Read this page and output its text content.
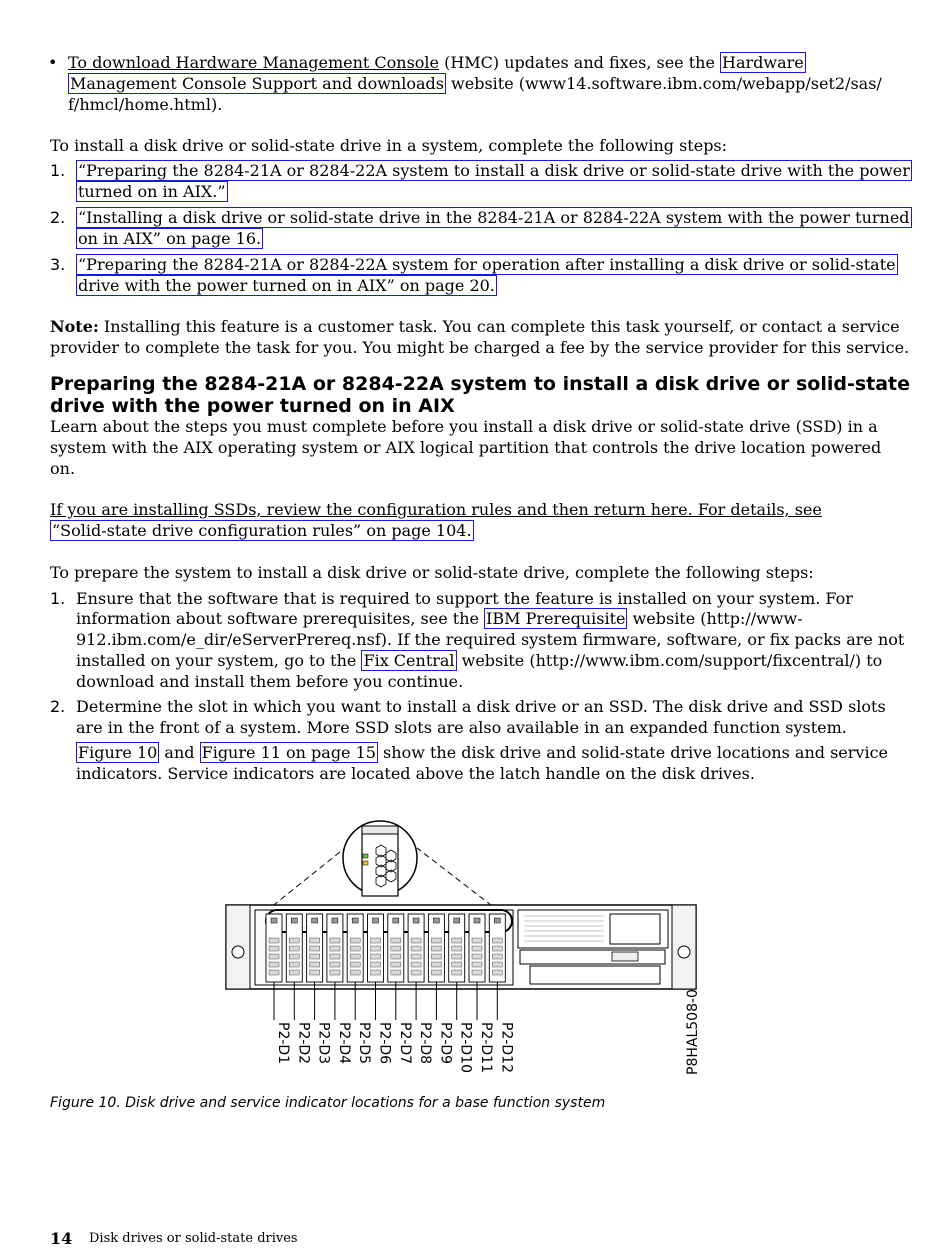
• To download Hardware Management Console (HMC) updates and fixes, see the Hardware
Management Console Support and downloads website (www14.software.ibm.com/webapp/set2/sas/
f/hmcl/home.html).
To install a disk drive or solid-state drive in a system, complete the following steps:
1. “Preparing the 8284-21A or 8284-22A system to install a disk drive or solid-state drive with the power
turned on in AIX.”
2. “Installing a disk drive or solid-state drive in the 8284-21A or 8284-22A system with the power turned
on in AIX” on page 16.
3. “Preparing the 8284-21A or 8284-22A system for operation after installing a disk drive or solid-state
drive with the power turned on in AIX” on page 20.
Note: Installing this feature is a customer task. You can complete this task yourself, or contact a service
provider to complete the task for you. You might be charged a fee by the service provider for this service.
Preparing the 8284-21A or 8284-22A system to install a disk drive or solid-state
drive with the power turned on in AIX
Learn about the steps you must complete before you install a disk drive or solid-state drive (SSD) in a
system with the AIX operating system or AIX logical partition that controls the drive location powered
on.
If you are installing SSDs, review the configuration rules and then return here. For details, see
“Solid-state drive configuration rules” on page 104.
To prepare the system to install a disk drive or solid-state drive, complete the following steps:
1. Ensure that the software that is required to support the feature is installed on your system. For
information about software prerequisites, see the IBM Prerequisite website (http://www-
912.ibm.com/e_dir/eServerPrereq.nsf). If the required system firmware, software, or fix packs are not
installed on your system, go to the Fix Central website (http://www.ibm.com/support/fixcentral/) to
download and install them before you continue.
2. Determine the slot in which you want to install a disk drive or an SSD. The disk drive and SSD slots
are in the front of a system. More SSD slots are also available in an expanded function system.
Figure 10 and Figure 11 on page 15 show the disk drive and solid-state drive locations and service
indicators. Service indicators are located above the latch handle on the disk drives.
P2-D1 P2-D2 P2-D3 P2-D4 P2-D5 P2-D6 P2-D7 P2-D8 P2-D9 P2-D10 P2-D11 P2-D12	P8HAL508-0
Figure 10. Disk drive and service indicator locations for a base function system
14 Disk drives or solid-state drives
